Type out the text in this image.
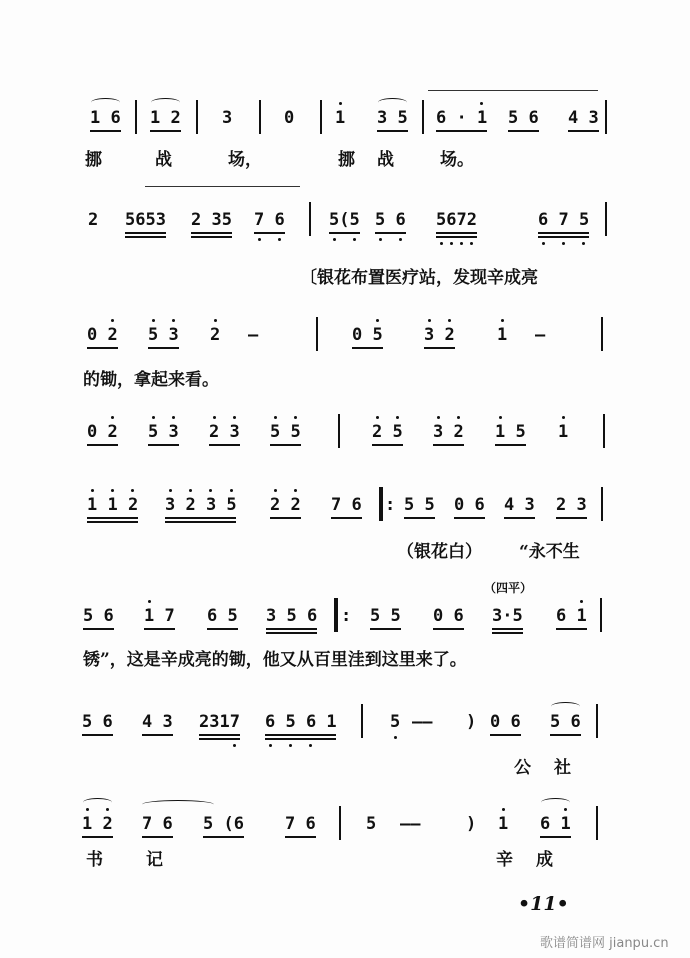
•11•
歌谱简谱网 jianpu.cn
1 6 1 2 3	0 1 3 5 6 · 1 5 6 4 3
2 5653 2 35 7 6	5(5 5 6 5672	6 7 5
0 2 5 3 2 —	0 5 3 2 1 —
0 2 5 3 2 3 5 5	2 5 3 2 1 5 1
1 1 2 3 2 3 5 2 2 7 6 : 5 5 0 6 4 3 2 3
5 6 1 7 6 5 3 5 6 : 5 5 0 6 3·5 6 1
5 6 4 3 2317 6 5 6 1	5 —— ) 0 6 5 6
1 2 7 6 5 (6 7 6	5 ——	) 1 6 1
挪	战	场，	挪 战	场。
〔银花布置医疗站，发现辛成亮
的锄，拿起来看。
（银花白） “永不生
（四平）
锈”，这是辛成亮的锄，他又从百里洼到这里来了。
公 社
书	记	辛 成
